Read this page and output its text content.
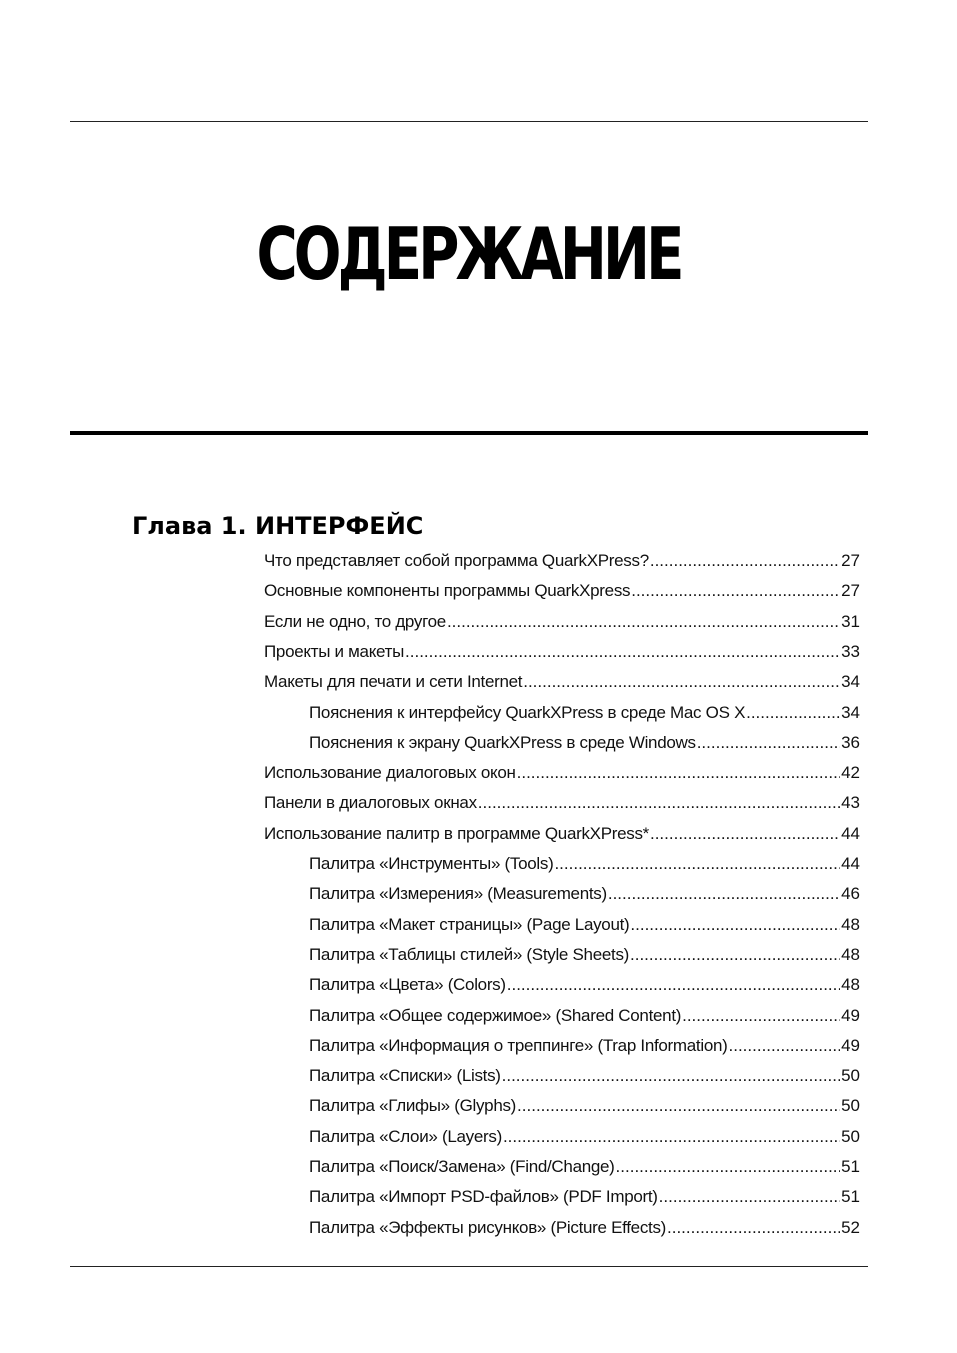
СОДЕРЖАНИЕ
Глава 1. ИНТЕРФЕЙС
Что представляет собой программа QuarkXPress? .....	27
Основные компоненты программы QuarkXpress .....	27
Если не одно, то другое .....	31
Проекты и макеты .....	33
Макеты для печати и сети Internet .....	34
Пояснения к интерфейсу QuarkXPress в среде Mac OS X .....	34
Пояснения к экрану QuarkXPress в среде Windows .....	36
Использование диалоговых окон .....	42
Панели в диалоговых окнах .....	43
Использование палитр в программе QuarkXPress* .....	44
Палитра «Инструменты» (Tools) .....	44
Палитра «Измерения» (Measurements) .....	46
Палитра «Макет страницы» (Page Layout) .....	48
Палитра «Таблицы стилей» (Style Sheets) .....	48
Палитра «Цвета» (Colors) .....	48
Палитра «Общее содержимое» (Shared Content) .....	49
Палитра «Информация о треппинге» (Trap Information) .....	49
Палитра «Списки» (Lists) .....	50
Палитра «Глифы» (Glyphs) .....	50
Палитра «Слои» (Layers) .....	50
Палитра «Поиск/Замена» (Find/Change) .....	51
Палитра «Импорт PSD-файлов» (PDF Import) .....	51
Палитра «Эффекты рисунков» (Picture Effects) .....	52
